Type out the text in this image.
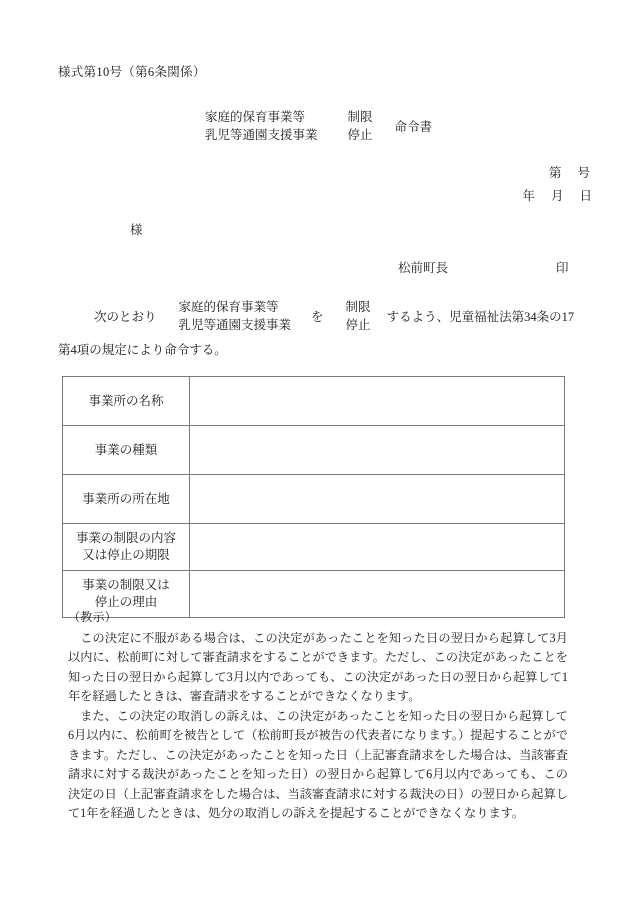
様式第10号（第6条関係）
家庭的保育事業等
乳児等通園支援事業
制限
停止
命令書
第 号
年 月 日
様
松前町長	印
次のとおり
家庭的保育事業等
乳児等通園支援事業
を
制限
停止
するよう、児童福祉法第34条の17
第4項の規定により命令する。
事業所の名称	

事業の種類	

事業所の所在地	

事業の制限の内容
又は停止の期限	

事業の制限又は
停止の理由	

（教示）

この決定に不服がある場合は、この決定があったことを知った日の翌日から起算して3月以内に、松前町に対して審査請求をすることができます。ただし、この決定があったことを知った日の翌日から起算して3月以内であっても、この決定があった日の翌日から起算して1年を経過したときは、審査請求をすることができなくなります。

また、この決定の取消しの訴えは、この決定があったことを知った日の翌日から起算して6月以内に、松前町を被告として（松前町長が被告の代表者になります。）提起することができます。ただし、この決定があったことを知った日（上記審査請求をした場合は、当該審査請求に対する裁決があったことを知った日）の翌日から起算して6月以内であっても、この決定の日（上記審査請求をした場合は、当該審査請求に対する裁決の日）の翌日から起算して1年を経過したときは、処分の取消しの訴えを提起することができなくなります。
